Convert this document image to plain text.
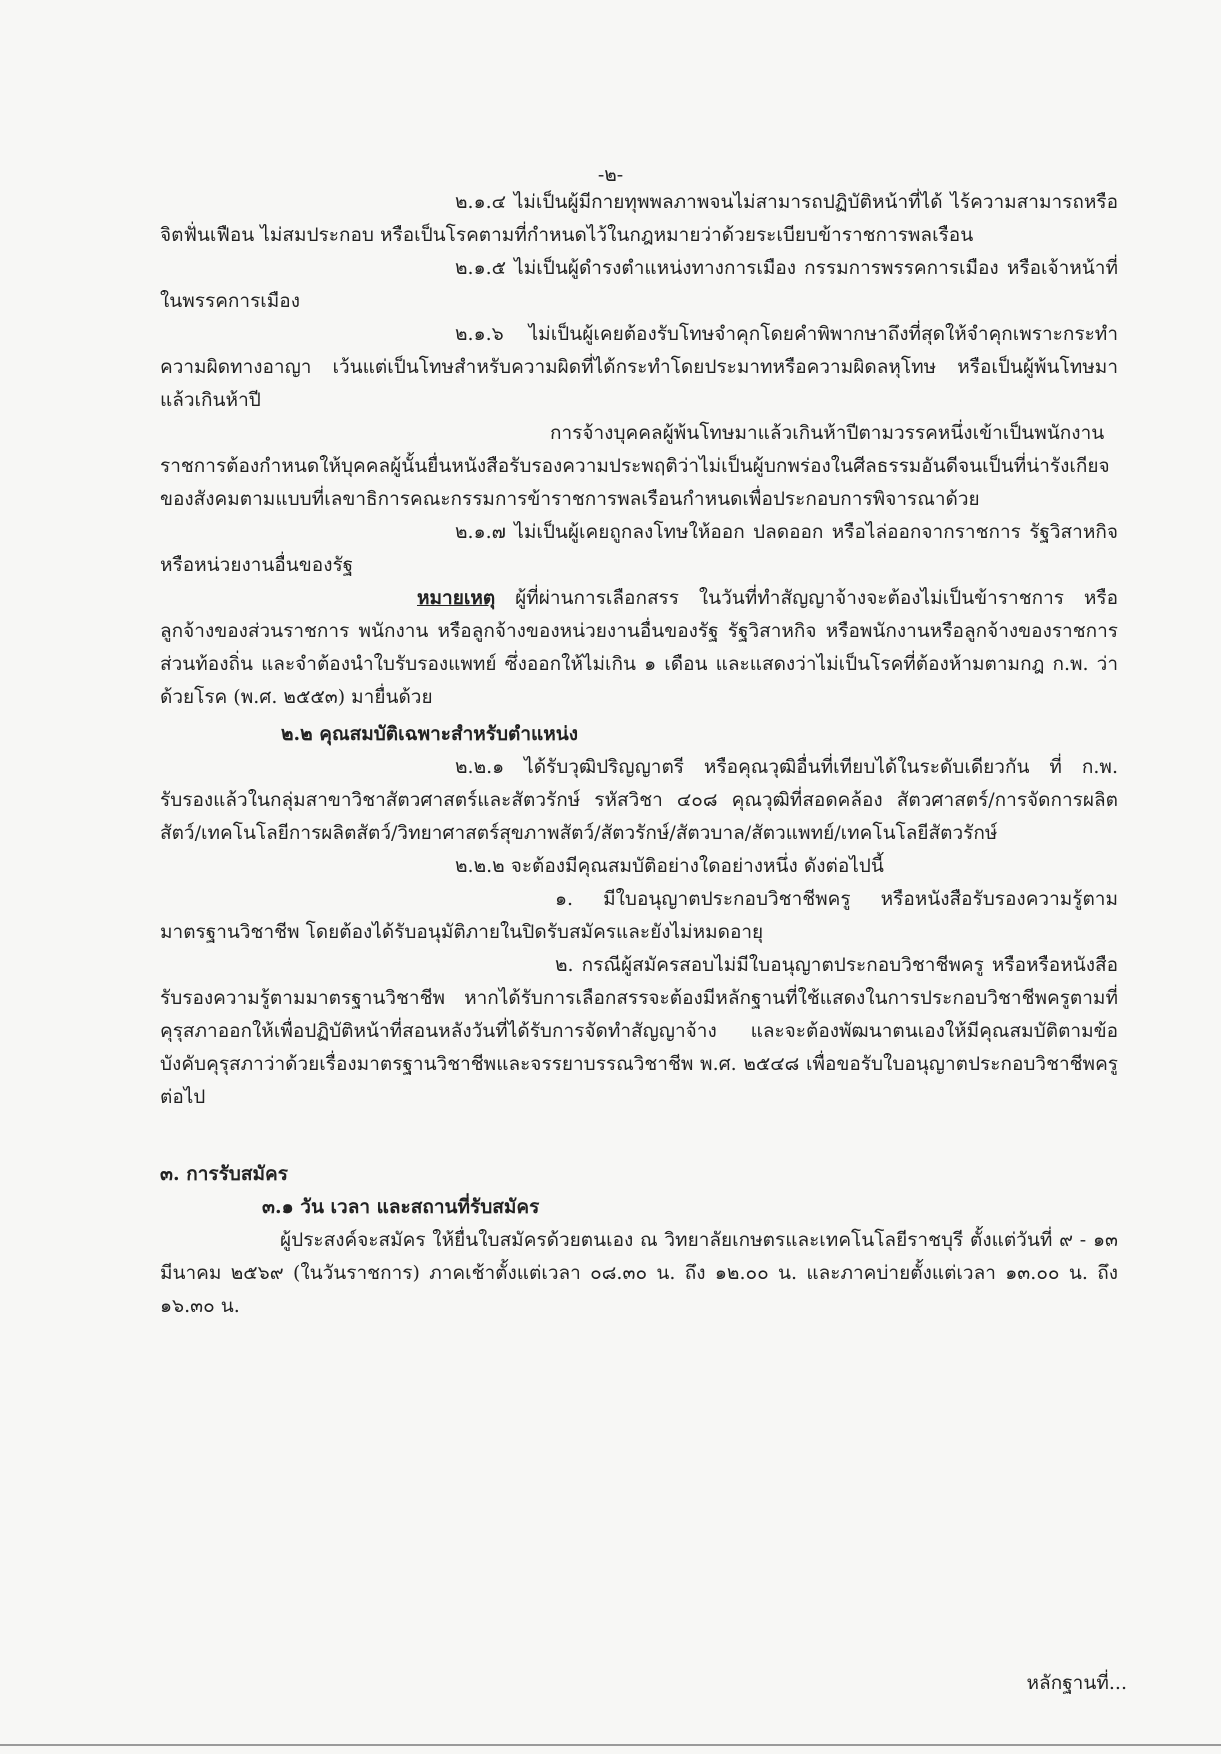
-๒-

๒.๑.๔ ไม่เป็นผู้มีกายทุพพลภาพจนไม่สามารถปฏิบัติหน้าที่ได้ ไร้ความสามารถหรือจิตฟั่นเฟือน ไม่สมประกอบ หรือเป็นโรคตามที่กำหนดไว้ในกฎหมายว่าด้วยระเบียบข้าราชการพลเรือน

๒.๑.๕ ไม่เป็นผู้ดำรงตำแหน่งทางการเมือง กรรมการพรรคการเมือง หรือเจ้าหน้าที่ในพรรคการเมือง

๒.๑.๖ ไม่เป็นผู้เคยต้องรับโทษจำคุกโดยคำพิพากษาถึงที่สุดให้จำคุกเพราะกระทำความผิดทางอาญา เว้นแต่เป็นโทษสำหรับความผิดที่ได้กระทำโดยประมาทหรือความผิดลหุโทษ หรือเป็นผู้พ้นโทษมาแล้วเกินห้าปี

การจ้างบุคคลผู้พ้นโทษมาแล้วเกินห้าปีตามวรรคหนึ่งเข้าเป็นพนักงานราชการต้องกำหนดให้บุคคลผู้นั้นยื่นหนังสือรับรองความประพฤติว่าไม่เป็นผู้บกพร่องในศีลธรรมอันดีจนเป็นที่น่ารังเกียจของสังคมตามแบบที่เลขาธิการคณะกรรมการข้าราชการพลเรือนกำหนดเพื่อประกอบการพิจารณาด้วย

๒.๑.๗ ไม่เป็นผู้เคยถูกลงโทษให้ออก ปลดออก หรือไล่ออกจากราชการ รัฐวิสาหกิจ หรือหน่วยงานอื่นของรัฐ

หมายเหตุ ผู้ที่ผ่านการเลือกสรร ในวันที่ทำสัญญาจ้างจะต้องไม่เป็นข้าราชการ หรือลูกจ้างของส่วนราชการ พนักงาน หรือลูกจ้างของหน่วยงานอื่นของรัฐ รัฐวิสาหกิจ หรือพนักงานหรือลูกจ้างของราชการส่วนท้องถิ่น และจำต้องนำใบรับรองแพทย์ ซึ่งออกให้ไม่เกิน ๑ เดือน และแสดงว่าไม่เป็นโรคที่ต้องห้ามตามกฎ ก.พ. ว่าด้วยโรค (พ.ศ. ๒๕๕๓) มายื่นด้วย

๒.๒ คุณสมบัติเฉพาะสำหรับตำแหน่ง

๒.๒.๑ ได้รับวุฒิปริญญาตรี หรือคุณวุฒิอื่นที่เทียบได้ในระดับเดียวกัน ที่ ก.พ. รับรองแล้วในกลุ่มสาขาวิชาสัตวศาสตร์และสัตวรักษ์ รหัสวิชา ๔๐๘ คุณวุฒิที่สอดคล้อง สัตวศาสตร์/การจัดการผลิตสัตว์/เทคโนโลยีการผลิตสัตว์/วิทยาศาสตร์สุขภาพสัตว์/สัตวรักษ์/สัตวบาล/สัตวแพทย์/เทคโนโลยีสัตวรักษ์

๒.๒.๒ จะต้องมีคุณสมบัติอย่างใดอย่างหนึ่ง ดังต่อไปนี้

๑. มีใบอนุญาตประกอบวิชาชีพครู หรือหนังสือรับรองความรู้ตามมาตรฐานวิชาชีพ โดยต้องได้รับอนุมัติภายในปิดรับสมัครและยังไม่หมดอายุ

๒. กรณีผู้สมัครสอบไม่มีใบอนุญาตประกอบวิชาชีพครู หรือหรือหนังสือรับรองความรู้ตามมาตรฐานวิชาชีพ หากได้รับการเลือกสรรจะต้องมีหลักฐานที่ใช้แสดงในการประกอบวิชาชีพครูตามที่คุรุสภาออกให้เพื่อปฏิบัติหน้าที่สอนหลังวันที่ได้รับการจัดทำสัญญาจ้าง และจะต้องพัฒนาตนเองให้มีคุณสมบัติตามข้อบังคับคุรุสภาว่าด้วยเรื่องมาตรฐานวิชาชีพและจรรยาบรรณวิชาชีพ พ.ศ. ๒๕๔๘ เพื่อขอรับใบอนุญาตประกอบวิชาชีพครูต่อไป

๓. การรับสมัคร

๓.๑ วัน เวลา และสถานที่รับสมัคร

ผู้ประสงค์จะสมัคร ให้ยื่นใบสมัครด้วยตนเอง ณ วิทยาลัยเกษตรและเทคโนโลยีราชบุรี ตั้งแต่วันที่ ๙ - ๑๓ มีนาคม ๒๕๖๙ (ในวันราชการ) ภาคเช้าตั้งแต่เวลา ๐๘.๓๐ น. ถึง ๑๒.๐๐ น. และภาคบ่ายตั้งแต่เวลา ๑๓.๐๐ น. ถึง ๑๖.๓๐ น.

หลักฐานที่...
